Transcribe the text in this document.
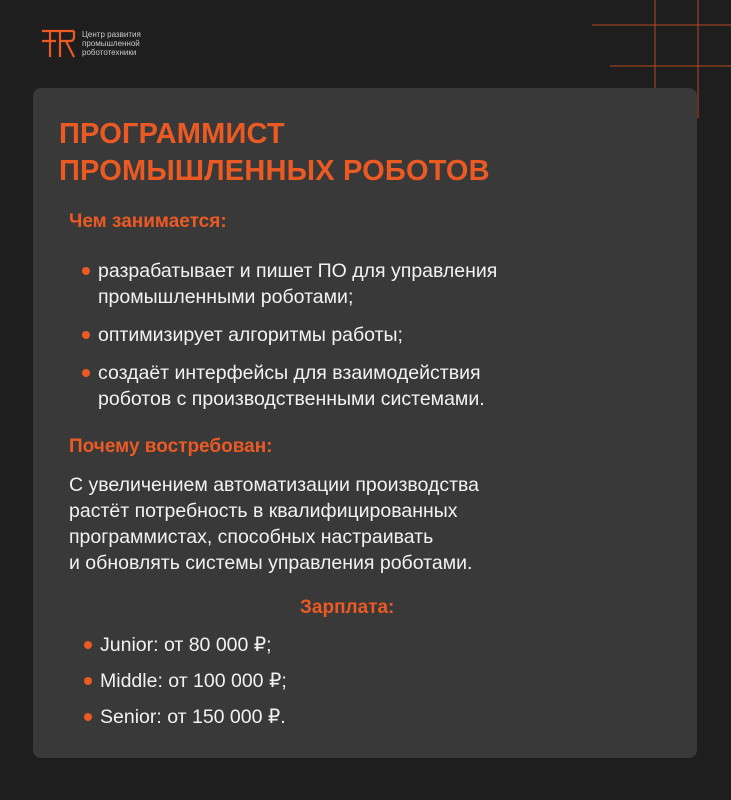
Центр развития
промышленной
робототехники
ПРОГРАММИСТ
ПРОМЫШЛЕННЫХ РОБОТОВ
Чем занимается:
разрабатывает и пишет ПО для управления
промышленными роботами;
оптимизирует алгоритмы работы;
создаёт интерфейсы для взаимодействия
роботов с производственными системами.
Почему востребован:
С увеличением автоматизации производства
растёт потребность в квалифицированных
программистах, способных настраивать
и обновлять системы управления роботами.
Зарплата:
Junior: от 80 000 ₽;
Middle: от 100 000 ₽;
Senior: от 150 000 ₽.
